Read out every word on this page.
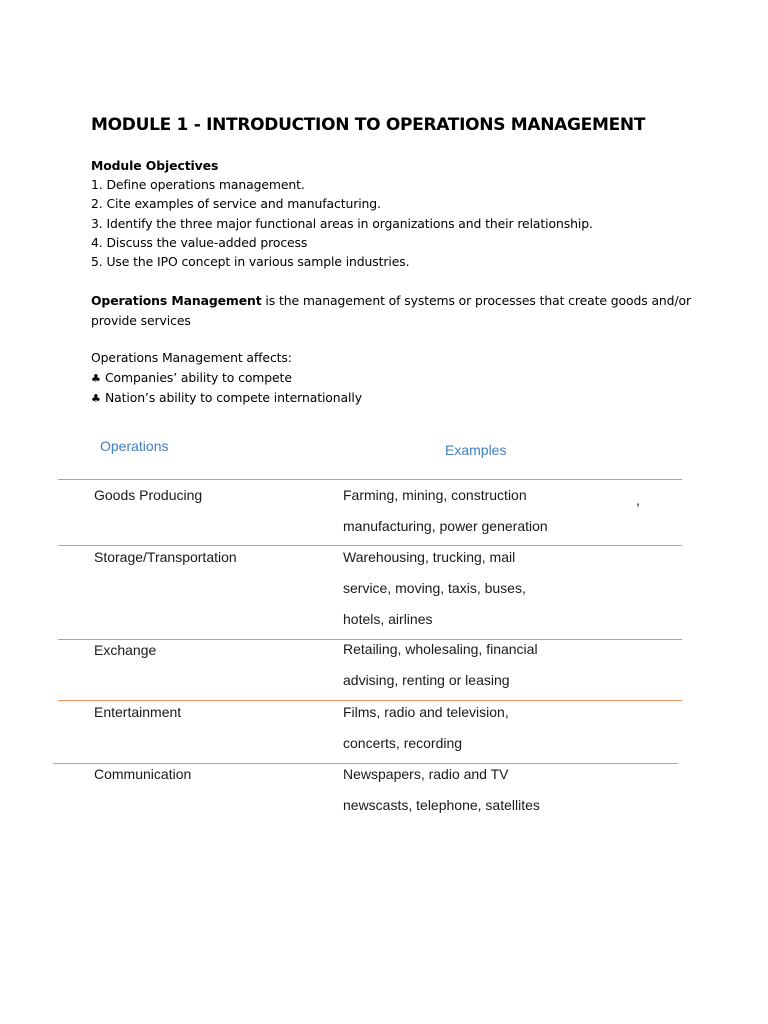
MODULE 1 - INTRODUCTION TO OPERATIONS MANAGEMENT
Module Objectives
1. Define operations management.
2. Cite examples of service and manufacturing.
3. Identify the three major functional areas in organizations and their relationship.
4. Discuss the value-added process
5. Use the IPO concept in various sample industries.
Operations Management is the management of systems or processes that create goods and/or provide services
Operations Management affects:
♣ Companies’ ability to compete
♣ Nation’s ability to compete internationally
Operations	Examples
Goods Producing	Farming, mining, construction
manufacturing, power generation
,
Storage/Transportation	Warehousing, trucking, mail
service, moving, taxis, buses,
hotels, airlines
Exchange	Retailing, wholesaling, financial
advising, renting or leasing
Entertainment	Films, radio and television,
concerts, recording
Communication	Newspapers, radio and TV
newscasts, telephone, satellites
